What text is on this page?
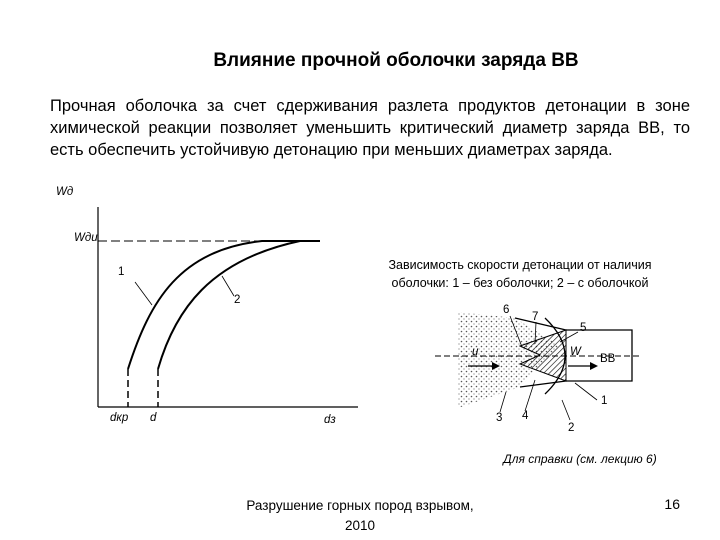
Влияние прочной оболочки заряда ВВ
Прочная оболочка за счет сдерживания разлета продуктов детонации в зоне химической реакции позволяет уменьшить критический диаметр заряда ВВ, то есть обеспечить устойчивую детонацию при меньших диаметрах заряда.
Wд
Wди
1
2
dкр d	dз
Зависимость скорости детонации от наличия оболочки: 1 – без оболочки; 2 – с оболочкой
6
7
5
u	W
ВВ
1
3 4
2
Для справки (см. лекцию 6)
Разрушение горных пород взрывом, 2010
16
